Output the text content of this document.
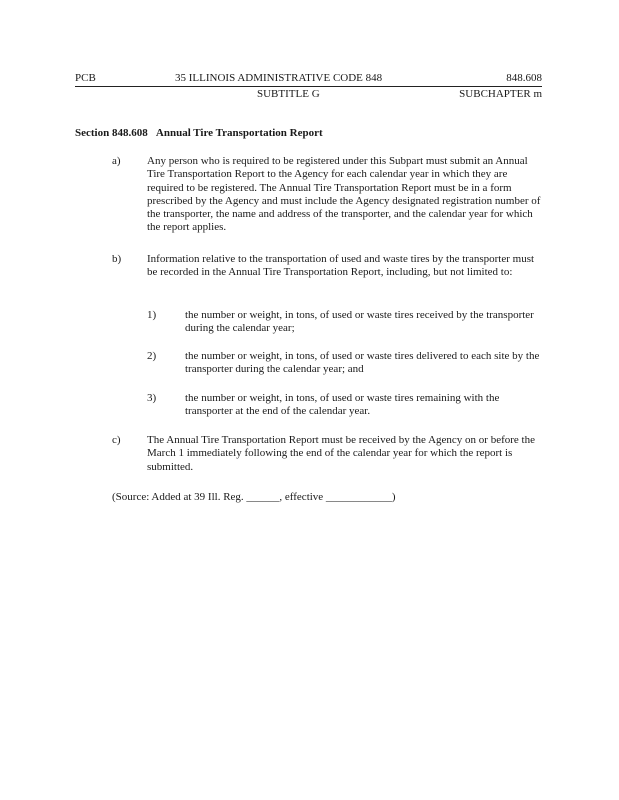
PCB	35 ILLINOIS ADMINISTRATIVE CODE 848	848.608
SUBTITLE G	SUBCHAPTER m
Section 848.608 Annual Tire Transportation Report
a) Any person who is required to be registered under this Subpart must submit an Annual Tire Transportation Report to the Agency for each calendar year in which they are required to be registered. The Annual Tire Transportation Report must be in a form prescribed by the Agency and must include the Agency designated registration number of the transporter, the name and address of the transporter, and the calendar year for which the report applies.
b) Information relative to the transportation of used and waste tires by the transporter must be recorded in the Annual Tire Transportation Report, including, but not limited to:
1)	the number or weight, in tons, of used or waste tires received by the transporter during the calendar year;
2)	the number or weight, in tons, of used or waste tires delivered to each site by the transporter during the calendar year; and
3)	the number or weight, in tons, of used or waste tires remaining with the transporter at the end of the calendar year.
c) The Annual Tire Transportation Report must be received by the Agency on or before the March 1 immediately following the end of the calendar year for which the report is submitted.
(Source: Added at 39 Ill. Reg. ______, effective ____________)
